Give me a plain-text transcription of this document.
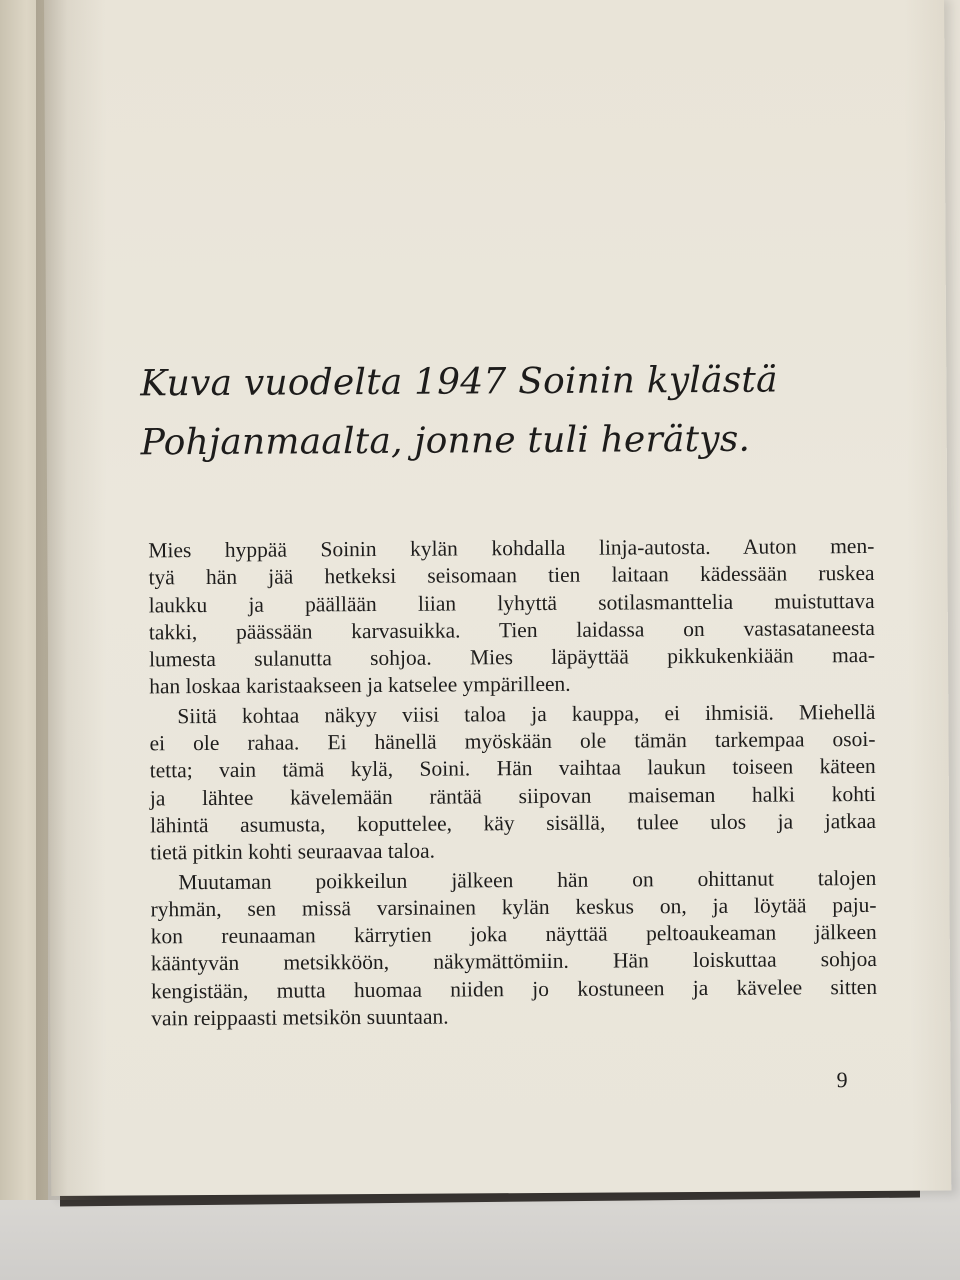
Kuva vuodelta 1947 Soinin kylästä
Pohjanmaalta, jonne tuli herätys.

Mies hyppää Soinin kylän kohdalla linja-autosta. Auton men-
tyä hän jää hetkeksi seisomaan tien laitaan kädessään ruskea
laukku ja päällään liian lyhyttä sotilasmanttelia muistuttava
takki, päässään karvasuikka. Tien laidassa on vastasataneesta
lumesta sulanutta sohjoa. Mies läpäyttää pikkukenkiään maa-
han loskaa karistaakseen ja katselee ympärilleen.

Siitä kohtaa näkyy viisi taloa ja kauppa, ei ihmisiä. Miehellä
ei ole rahaa. Ei hänellä myöskään ole tämän tarkempaa osoi-
tetta; vain tämä kylä, Soini. Hän vaihtaa laukun toiseen käteen
ja lähtee kävelemään räntää siipovan maiseman halki kohti
lähintä asumusta, koputtelee, käy sisällä, tulee ulos ja jatkaa
tietä pitkin kohti seuraavaa taloa.

Muutaman poikkeilun jälkeen hän on ohittanut talojen
ryhmän, sen missä varsinainen kylän keskus on, ja löytää paju-
kon reunaaman kärrytien joka näyttää peltoaukeaman jälkeen
kääntyvän metsikköön, näkymättömiin. Hän loiskuttaa sohjoa
kengistään, mutta huomaa niiden jo kostuneen ja kävelee sitten
vain reippaasti metsikön suuntaan.

9
